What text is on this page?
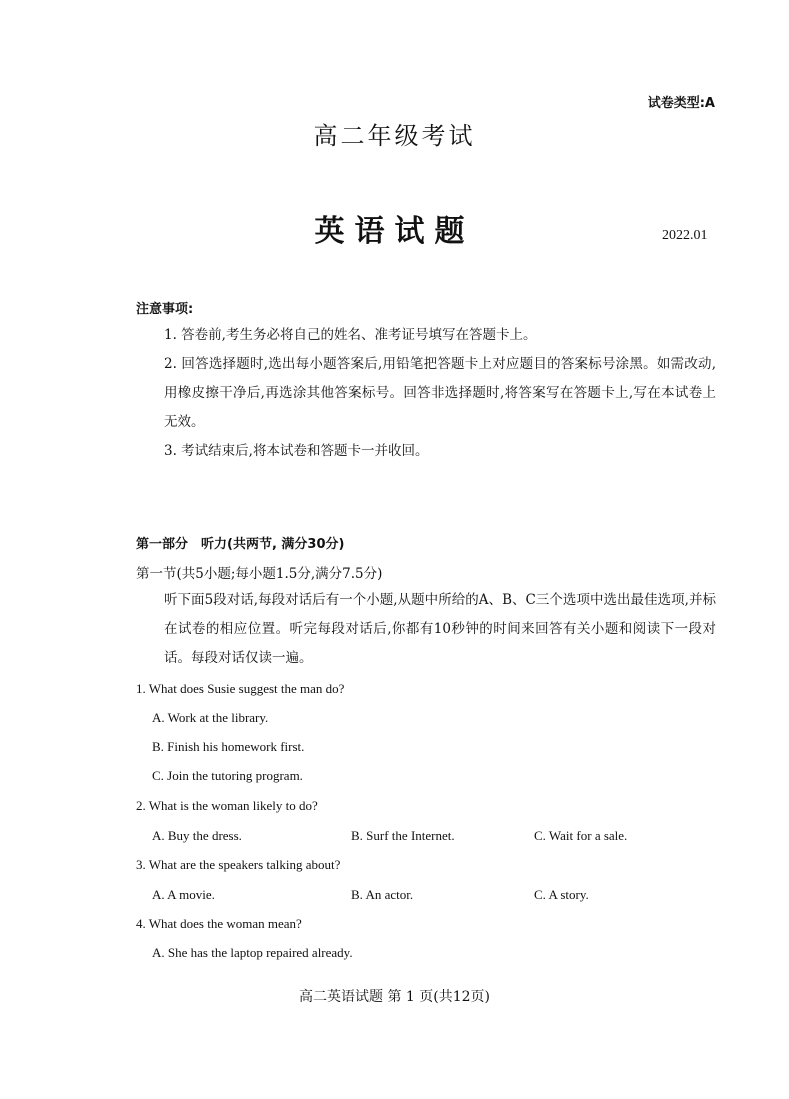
试卷类型:A
高二年级考试
英语试题	2022.01
注意事项:
1. 答卷前,考生务必将自己的姓名、准考证号填写在答题卡上。
2. 回答选择题时,选出每小题答案后,用铅笔把答题卡上对应题目的答案标号涂黑。如需改动,用橡皮擦干净后,再选涂其他答案标号。回答非选择题时,将答案写在答题卡上,写在本试卷上无效。
3. 考试结束后,将本试卷和答题卡一并收回。
第一部分　听力(共两节, 满分30分)
第一节(共5小题;每小题1.5分,满分7.5分)
听下面5段对话,每段对话后有一个小题,从题中所给的A、B、C三个选项中选出最佳选项,并标在试卷的相应位置。听完每段对话后,你都有10秒钟的时间来回答有关小题和阅读下一段对话。每段对话仅读一遍。
1. What does Susie suggest the man do?
A. Work at the library.
B. Finish his homework first.
C. Join the tutoring program.
2. What is the woman likely to do?
A. Buy the dress.	B. Surf the Internet.	C. Wait for a sale.
3. What are the speakers talking about?
A. A movie.	B. An actor.	C. A story.
4. What does the woman mean?
A. She has the laptop repaired already.
高二英语试题 第 1 页(共12页)
